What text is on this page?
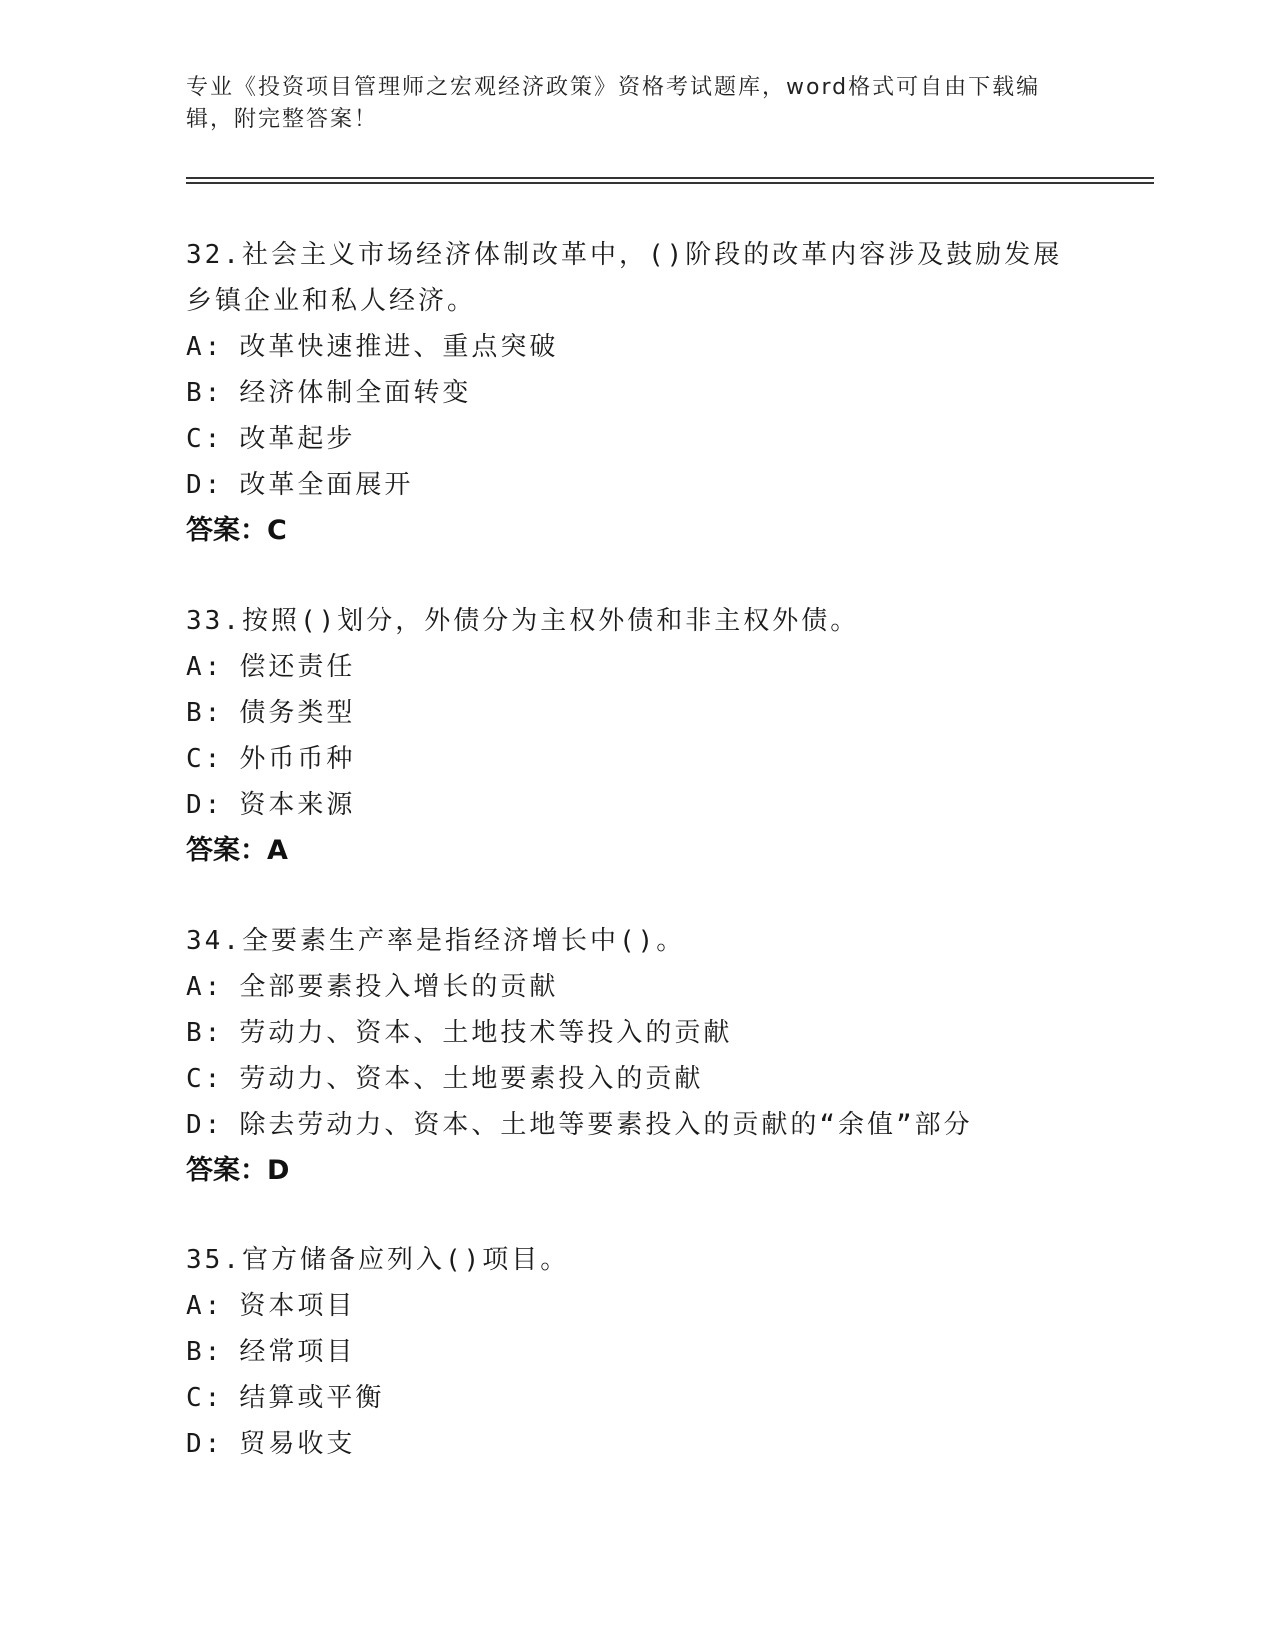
专业《投资项目管理师之宏观经济政策》资格考试题库，word格式可自由下载编辑，附完整答案！

32.社会主义市场经济体制改革中，()阶段的改革内容涉及鼓励发展乡镇企业和私人经济。

A: 改革快速推进、重点突破

B: 经济体制全面转变

C: 改革起步

D: 改革全面展开

答案：C

33.按照()划分，外债分为主权外债和非主权外债。

A: 偿还责任

B: 债务类型

C: 外币币种

D: 资本来源

答案：A

34.全要素生产率是指经济增长中()。

A: 全部要素投入增长的贡献

B: 劳动力、资本、土地技术等投入的贡献

C: 劳动力、资本、土地要素投入的贡献

D: 除去劳动力、资本、土地等要素投入的贡献的“余值”部分

答案：D

35.官方储备应列入()项目。

A: 资本项目

B: 经常项目

C: 结算或平衡

D: 贸易收支
